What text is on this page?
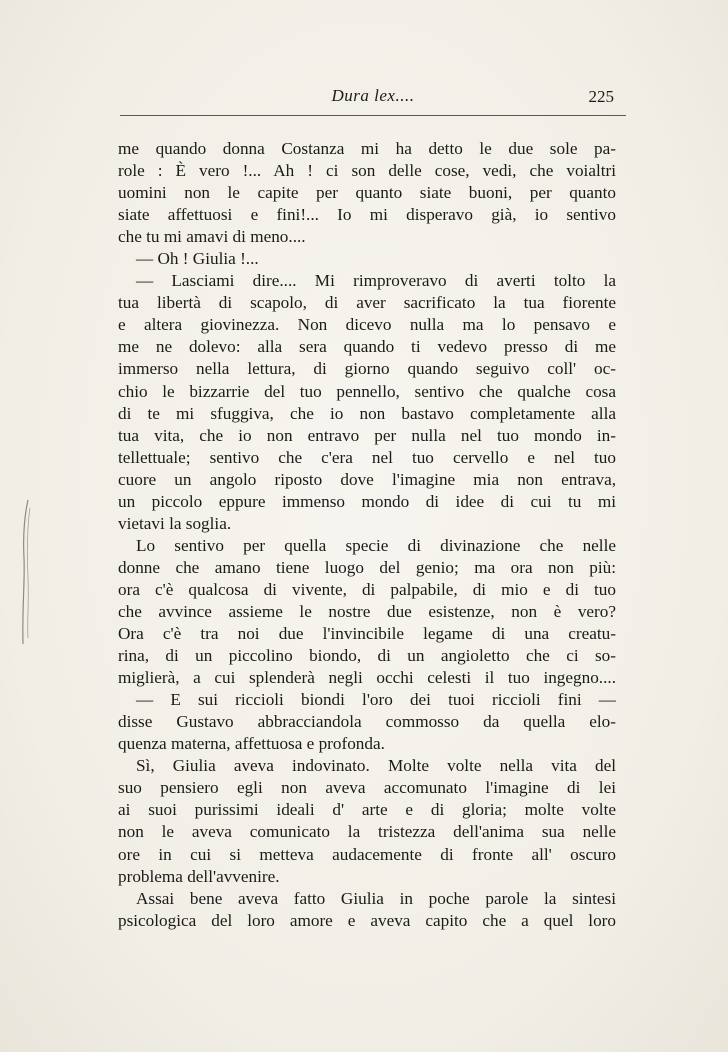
Dura lex....	225
me quando donna Costanza mi ha detto le due sole pa-
role : È vero !... Ah ! ci son delle cose, vedi, che voialtri
uomini non le capite per quanto siate buoni, per quanto
siate affettuosi e fini!... Io mi disperavo già, io sentivo
che tu mi amavi di meno....
— Oh ! Giulia !...
— Lasciami dire.... Mi rimproveravo di averti tolto la
tua libertà di scapolo, di aver sacrificato la tua fiorente
e altera giovinezza. Non dicevo nulla ma lo pensavo e
me ne dolevo: alla sera quando ti vedevo presso di me
immerso nella lettura, di giorno quando seguivo coll' oc-
chio le bizzarrie del tuo pennello, sentivo che qualche cosa
di te mi sfuggiva, che io non bastavo completamente alla
tua vita, che io non entravo per nulla nel tuo mondo in-
tellettuale; sentivo che c'era nel tuo cervello e nel tuo
cuore un angolo riposto dove l'imagine mia non entrava,
un piccolo eppure immenso mondo di idee di cui tu mi
vietavi la soglia.
Lo sentivo per quella specie di divinazione che nelle
donne che amano tiene luogo del genio; ma ora non più:
ora c'è qualcosa di vivente, di palpabile, di mio e di tuo
che avvince assieme le nostre due esistenze, non è vero?
Ora c'è tra noi due l'invincibile legame di una creatu-
rina, di un piccolino biondo, di un angioletto che ci so-
miglierà, a cui splenderà negli occhi celesti il tuo ingegno....
— E sui riccioli biondi l'oro dei tuoi riccioli fini —
disse Gustavo abbracciandola commosso da quella elo-
quenza materna, affettuosa e profonda.
Sì, Giulia aveva indovinato. Molte volte nella vita del
suo pensiero egli non aveva accomunato l'imagine di lei
ai suoi purissimi ideali d' arte e di gloria; molte volte
non le aveva comunicato la tristezza dell'anima sua nelle
ore in cui si metteva audacemente di fronte all' oscuro
problema dell'avvenire.
Assai bene aveva fatto Giulia in poche parole la sintesi
psicologica del loro amore e aveva capito che a quel loro
